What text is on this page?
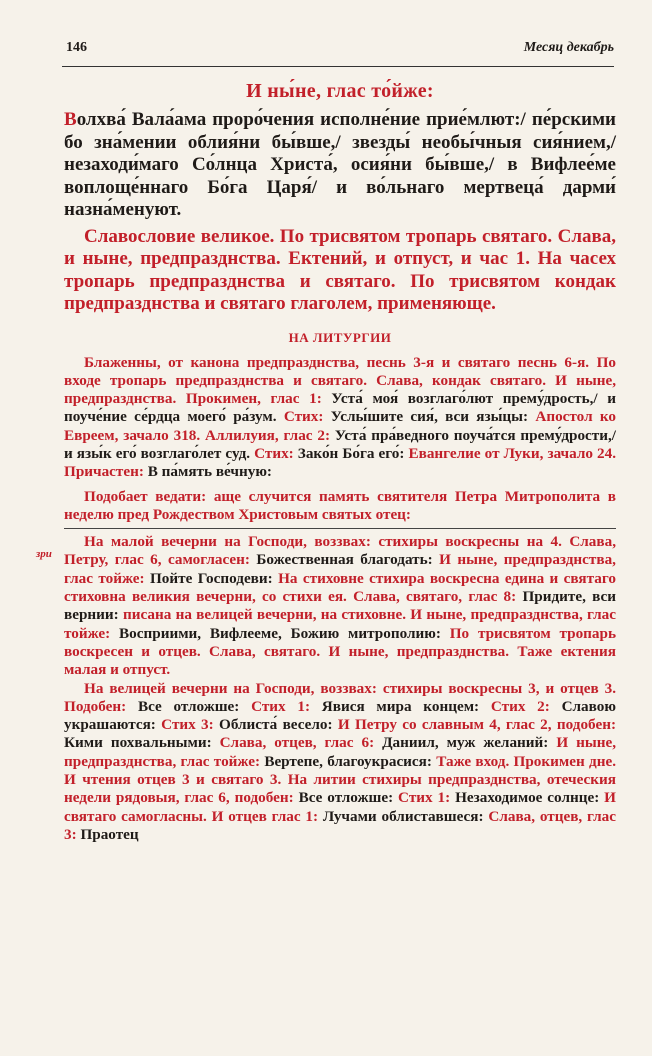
146	Месяц декабрь
И ны́не, глас то́йже:

Волхва́ Вала́ама проро́чения исполне́ние прие́млют:/ пе́рскими бо зна́мении облия́ни бы́вше,/ звезды́ необы́чныя сия́нием,/ незаходи́маго Со́лнца Христа́, осия́ни бы́вше,/ в Вифлее́ме воплоще́ннаго Бо́га Царя́/ и во́льнаго мертвеца́ дарми́ назна́менуют.

Славословие великое. По трисвятом тропарь святаго. Слава, и ныне, предпразднства. Ектений, и отпуст, и час 1. На часех тропарь предпразднства и святаго. По трисвятом кондак предпразднства и святаго глаголем, применяюще.

НА ЛИТУРГИИ

Блаженны, от канона предпразднства, песнь 3-я и святаго песнь 6-я. По входе тропарь предпразднства и святаго. Слава, кондак святаго. И ныне, предпразднства. Прокимен, глас 1: Уста́ моя́ возглаго́лют прему́дрость,/ и поуче́ние се́рдца моего́ ра́зум. Стих: Услы́шите сия́, вси язы́цы: Апостол ко Евреем, зачало 318. Аллилуия, глас 2: Уста́ пра́ведного поуча́тся прему́дрости,/ и язы́к его́ возглаго́лет суд. Стих: Зако́н Бо́га его́: Евангелие от Луки, зачало 24. Причастен: В па́мять ве́чную:

Подобает ведати: аще случится память святителя Петра Митрополита в неделю пред Рождеством Христовым святых отец:

На малой вечерни на Господи, воззвах: стихиры воскресны на 4. Слава, Петру, глас 6, самогласен: Божественная благодать: И ныне, предпразднства, глас тойже: Пойте Господеви: На стиховне стихира воскресна едина и святаго стиховна великия вечерни, со стихи ея. Слава, святаго, глас 8: Придите, вси вернии: писана на велицей вечерни, на стиховне. И ныне, предпразднства, глас тойже: Восприими, Вифлееме, Божию митрополию: По трисвятом тропарь воскресен и отцев. Слава, святаго. И ныне, предпразднства. Таже ектения малая и отпуст.

На велицей вечерни на Господи, воззвах: стихиры воскресны 3, и отцев 3. Подобен: Все отложше: Стих 1: Явися мира концем: Стих 2: Славою украшаются: Стих 3: Облиста́ весело: И Петру со славным 4, глас 2, подобен: Кими похвальными: Слава, отцев, глас 6: Даниил, муж желаний: И ныне, предпразднства, глас тойже: Вертепе, благоукрасися: Таже вход. Прокимен дне. И чтения отцев 3 и святаго 3. На литии стихиры предпразднства, отеческия недели рядовыя, глас 6, подобен: Все отложше: Стих 1: Незаходимое солнце: И святаго самогласны. И отцев глас 1: Лучами облиставшеся: Слава, отцев, глас 3: Праотец

зри
